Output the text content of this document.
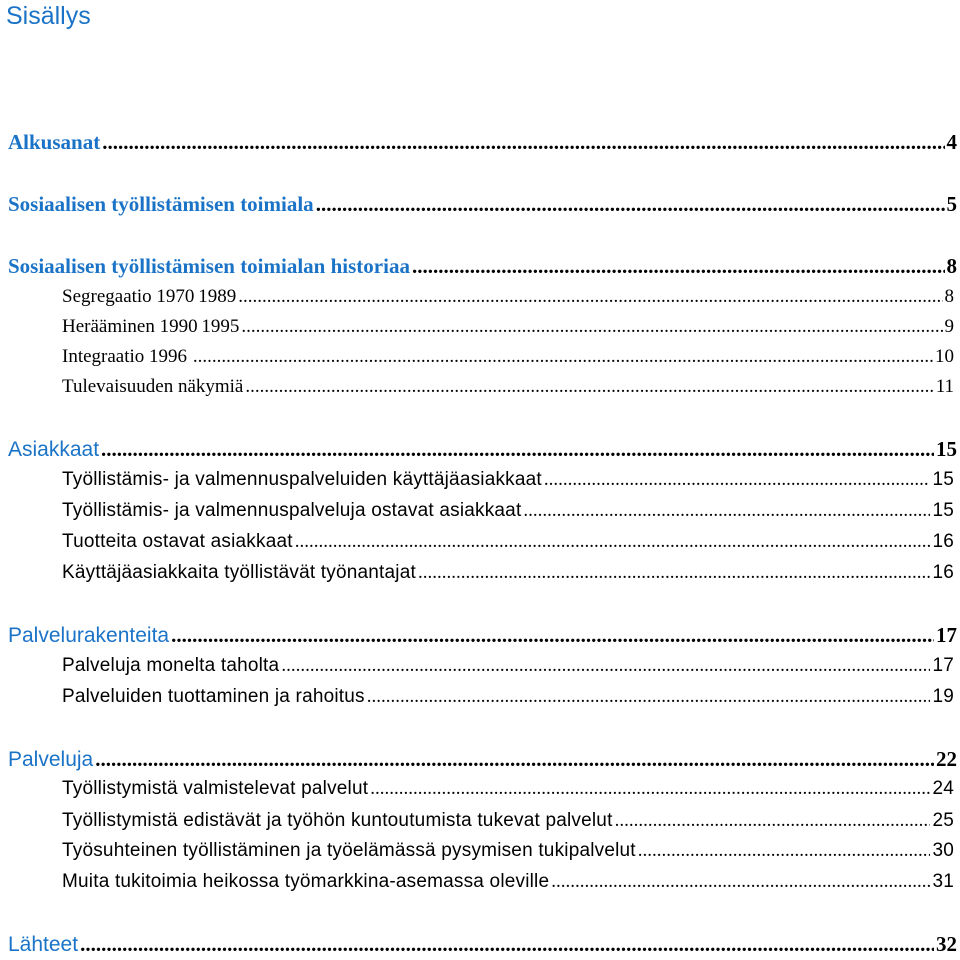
Sisällys
Alkusanat .....	4
Sosiaalisen työllistämisen toimiala .....	5
Sosiaalisen työllistämisen toimialan historiaa .....	8
Segregaatio 1970 1989 .....	8
Herääminen 1990 1995 .....	9
Integraatio 1996  .....	10
Tulevaisuuden näkymiä .....	11
Asiakkaat .....	15
Työllistämis- ja valmennuspalveluiden käyttäjäasiakkaat .....	15
Työllistämis- ja valmennuspalveluja ostavat asiakkaat .....	15
Tuotteita ostavat asiakkaat .....	16
Käyttäjäasiakkaita työllistävät työnantajat .....	16
Palvelurakenteita .....	17
Palveluja monelta taholta .....	17
Palveluiden tuottaminen ja rahoitus .....	19
Palveluja .....	22
Työllistymistä valmistelevat palvelut .....	24
Työllistymistä edistävät ja työhön kuntoutumista tukevat palvelut .....	25
Työsuhteinen työllistäminen ja työelämässä pysymisen tukipalvelut .....	30
Muita tukitoimia heikossa työmarkkina-asemassa oleville .....	31
Lähteet .....	32
